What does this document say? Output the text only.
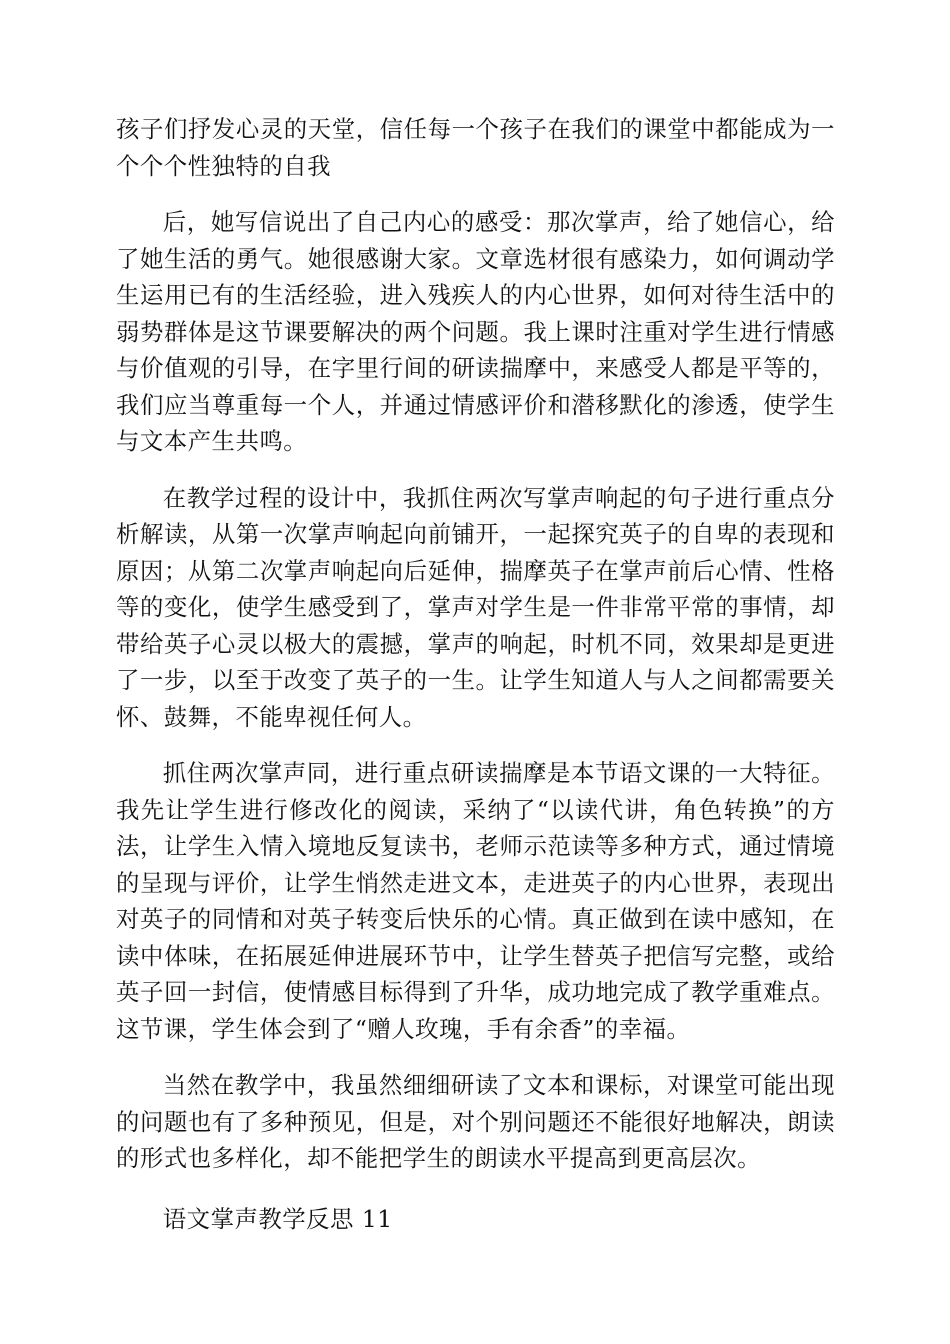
孩子们抒发心灵的天堂，信任每一个孩子在我们的课堂中都能成为一个个个性独特的自我

后，她写信说出了自己内心的感受：那次掌声，给了她信心，给了她生活的勇气。她很感谢大家。文章选材很有感染力，如何调动学生运用已有的生活经验，进入残疾人的内心世界，如何对待生活中的弱势群体是这节课要解决的两个问题。我上课时注重对学生进行情感与价值观的引导，在字里行间的研读揣摩中，来感受人都是平等的，我们应当尊重每一个人，并通过情感评价和潜移默化的渗透，使学生与文本产生共鸣。

在教学过程的设计中，我抓住两次写掌声响起的句子进行重点分析解读，从第一次掌声响起向前铺开，一起探究英子的自卑的表现和原因；从第二次掌声响起向后延伸，揣摩英子在掌声前后心情、性格等的变化，使学生感受到了，掌声对学生是一件非常平常的事情，却带给英子心灵以极大的震撼，掌声的响起，时机不同，效果却是更进了一步，以至于改变了英子的一生。让学生知道人与人之间都需要关怀、鼓舞，不能卑视任何人。

抓住两次掌声同，进行重点研读揣摩是本节语文课的一大特征。我先让学生进行修改化的阅读，采纳了“以读代讲，角色转换”的方法，让学生入情入境地反复读书，老师示范读等多种方式，通过情境的呈现与评价，让学生悄然走进文本，走进英子的内心世界，表现出对英子的同情和对英子转变后快乐的心情。真正做到在读中感知，在读中体味，在拓展延伸进展环节中，让学生替英子把信写完整，或给英子回一封信，使情感目标得到了升华，成功地完成了教学重难点。这节课，学生体会到了“赠人玫瑰，手有余香”的幸福。

当然在教学中，我虽然细细研读了文本和课标，对课堂可能出现的问题也有了多种预见，但是，对个别问题还不能很好地解决，朗读的形式也多样化，却不能把学生的朗读水平提高到更高层次。

语文掌声教学反思 11
